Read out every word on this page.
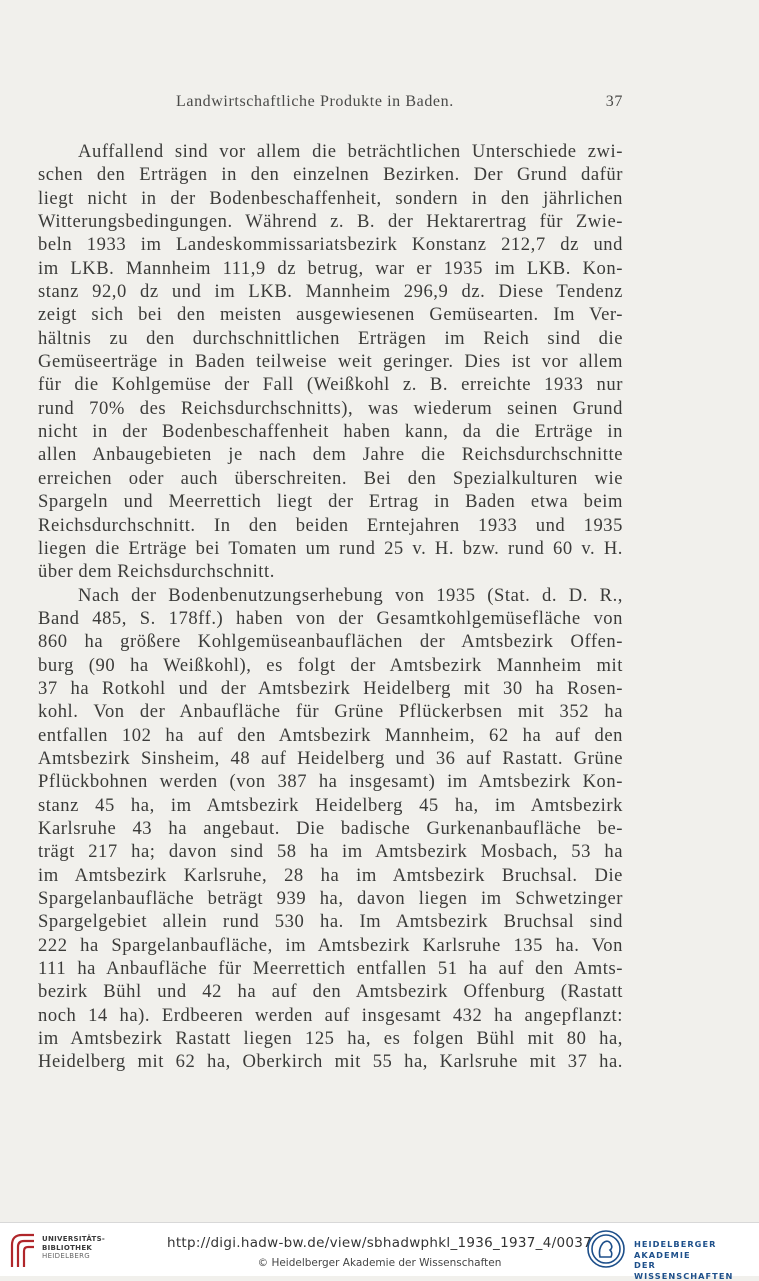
Landwirtschaftliche Produkte in Baden.	37
Auffallend sind vor allem die beträchtlichen Unterschiede zwi-
schen den Erträgen in den einzelnen Bezirken. Der Grund dafür
liegt nicht in der Bodenbeschaffenheit, sondern in den jährlichen
Witterungsbedingungen. Während z. B. der Hektarertrag für Zwie-
beln 1933 im Landeskommissariatsbezirk Konstanz 212,7 dz und
im LKB. Mannheim 111,9 dz betrug, war er 1935 im LKB. Kon-
stanz 92,0 dz und im LKB. Mannheim 296,9 dz. Diese Tendenz
zeigt sich bei den meisten ausgewiesenen Gemüsearten. Im Ver-
hältnis zu den durchschnittlichen Erträgen im Reich sind die
Gemüseerträge in Baden teilweise weit geringer. Dies ist vor allem
für die Kohlgemüse der Fall (Weißkohl z. B. erreichte 1933 nur
rund 70% des Reichsdurchschnitts), was wiederum seinen Grund
nicht in der Bodenbeschaffenheit haben kann, da die Erträge in
allen Anbaugebieten je nach dem Jahre die Reichsdurchschnitte
erreichen oder auch überschreiten. Bei den Spezialkulturen wie
Spargeln und Meerrettich liegt der Ertrag in Baden etwa beim
Reichsdurchschnitt. In den beiden Erntejahren 1933 und 1935
liegen die Erträge bei Tomaten um rund 25 v. H. bzw. rund 60 v. H.
über dem Reichsdurchschnitt.
Nach der Bodenbenutzungserhebung von 1935 (Stat. d. D. R.,
Band 485, S. 178ff.) haben von der Gesamtkohlgemüsefläche von
860 ha größere Kohlgemüseanbauflächen der Amtsbezirk Offen-
burg (90 ha Weißkohl), es folgt der Amtsbezirk Mannheim mit
37 ha Rotkohl und der Amtsbezirk Heidelberg mit 30 ha Rosen-
kohl. Von der Anbaufläche für Grüne Pflückerbsen mit 352 ha
entfallen 102 ha auf den Amtsbezirk Mannheim, 62 ha auf den
Amtsbezirk Sinsheim, 48 auf Heidelberg und 36 auf Rastatt. Grüne
Pflückbohnen werden (von 387 ha insgesamt) im Amtsbezirk Kon-
stanz 45 ha, im Amtsbezirk Heidelberg 45 ha, im Amtsbezirk
Karlsruhe 43 ha angebaut. Die badische Gurkenanbaufläche be-
trägt 217 ha; davon sind 58 ha im Amtsbezirk Mosbach, 53 ha
im Amtsbezirk Karlsruhe, 28 ha im Amtsbezirk Bruchsal. Die
Spargelanbaufläche beträgt 939 ha, davon liegen im Schwetzinger
Spargelgebiet allein rund 530 ha. Im Amtsbezirk Bruchsal sind
222 ha Spargelanbaufläche, im Amtsbezirk Karlsruhe 135 ha. Von
111 ha Anbaufläche für Meerrettich entfallen 51 ha auf den Amts-
bezirk Bühl und 42 ha auf den Amtsbezirk Offenburg (Rastatt
noch 14 ha). Erdbeeren werden auf insgesamt 432 ha angepflanzt:
im Amtsbezirk Rastatt liegen 125 ha, es folgen Bühl mit 80 ha,
Heidelberg mit 62 ha, Oberkirch mit 55 ha, Karlsruhe mit 37 ha.
UNIVERSITÄTS-
BIBLIOTHEK
HEIDELBERG
http://digi.hadw-bw.de/view/sbhadwphkl_1936_1937_4/0037
© Heidelberger Akademie der Wissenschaften
HEIDELBERGER AKADEMIE
DER WISSENSCHAFTEN
